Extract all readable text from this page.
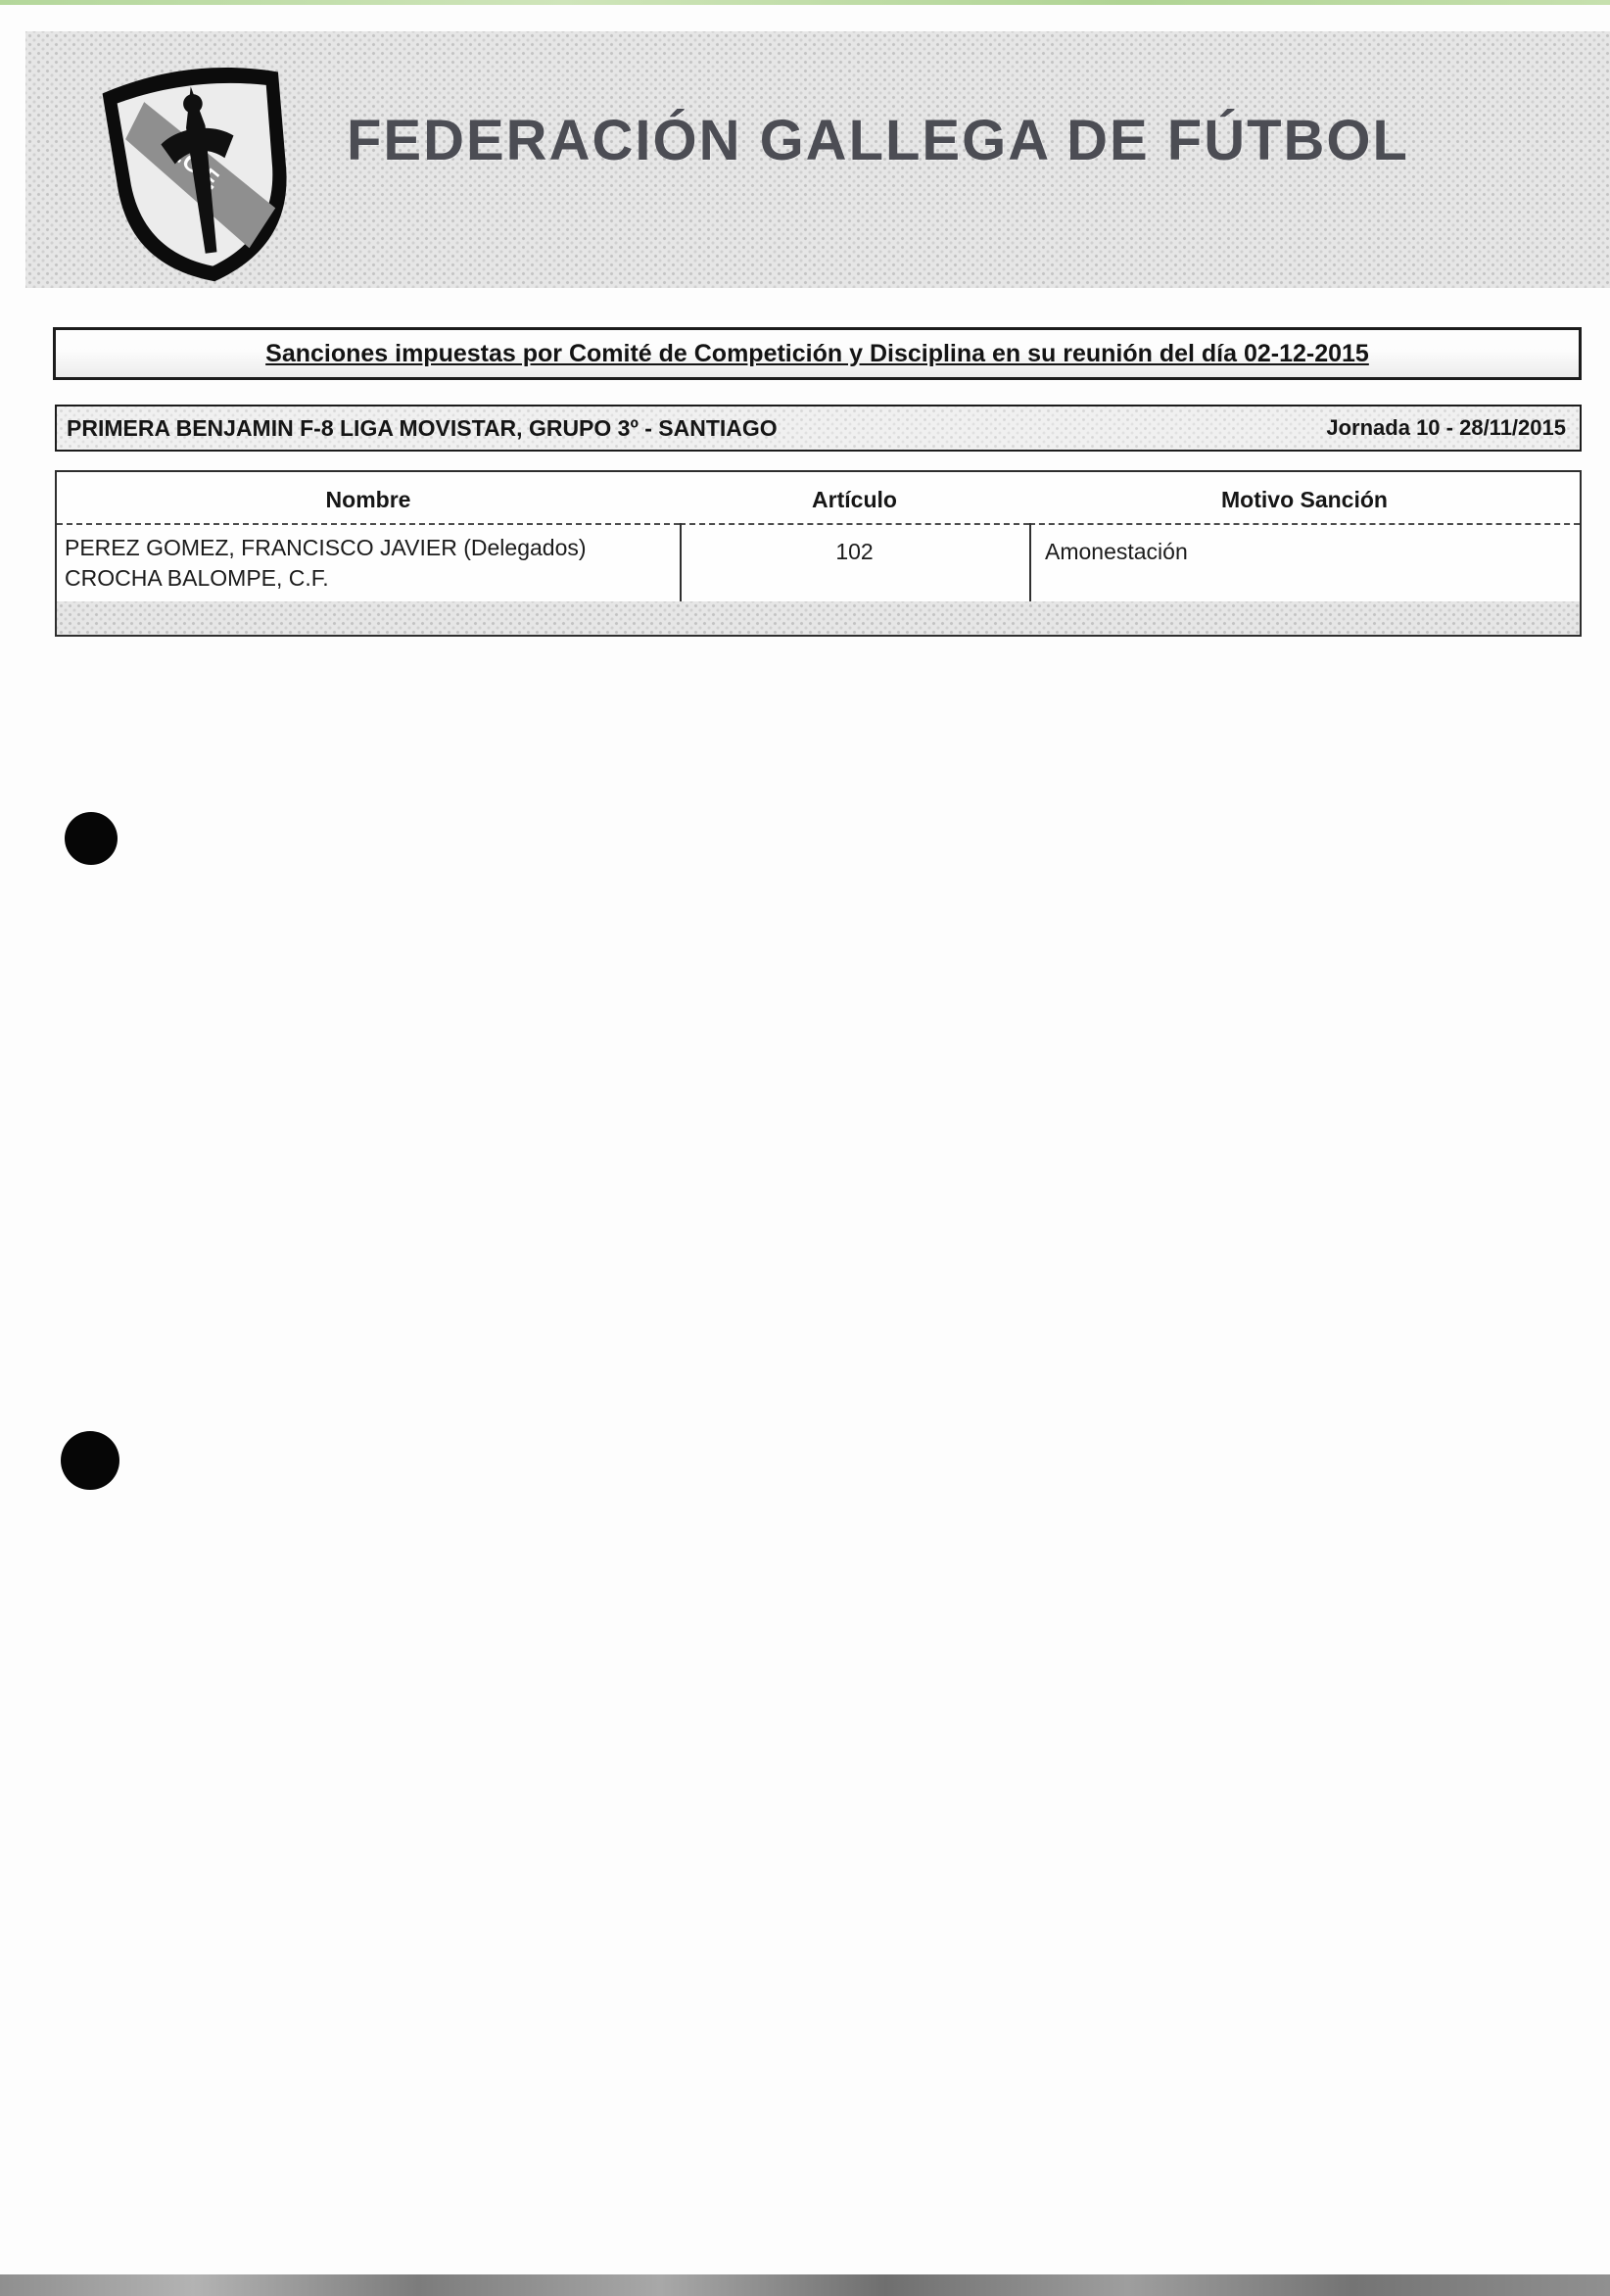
FEDERACIÓN GALLEGA DE FÚTBOL
Sanciones impuestas por Comité de Competición y Disciplina en su reunión del día 02-12-2015
PRIMERA BENJAMIN F-8 LIGA MOVISTAR, GRUPO 3º - SANTIAGO	Jornada 10 - 28/11/2015
Nombre	Artículo	Motivo Sanción
PEREZ GOMEZ, FRANCISCO JAVIER (Delegados)
CROCHA BALOMPE, C.F.
102	Amonestación
